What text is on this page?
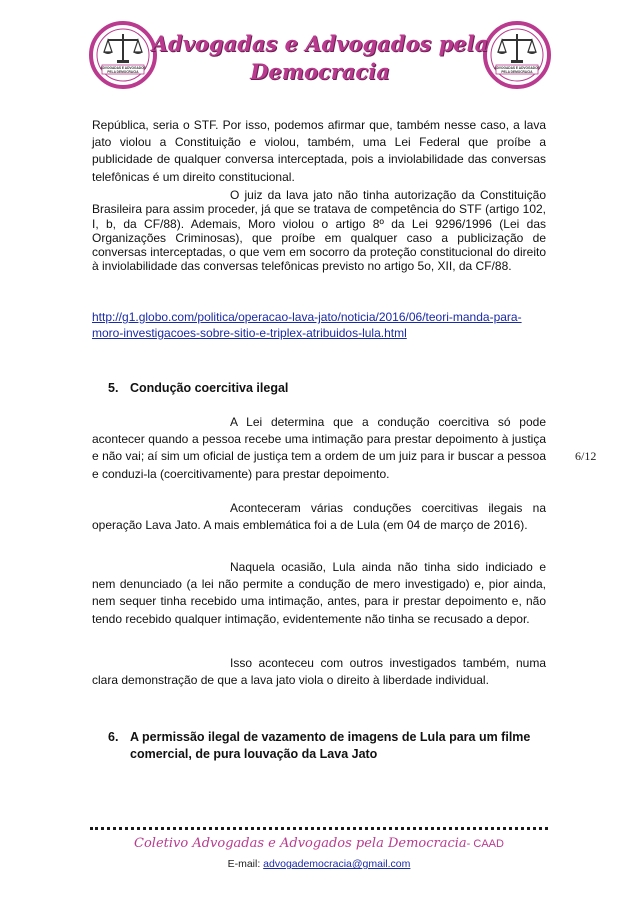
ADVOGADAS E ADVOGADOS
PELA DEMOCRACIA
ADVOGADAS E ADVOGADOS
PELA DEMOCRACIA
Advogadas e Advogados pela
Democracia
6/12

República, seria o STF. Por isso, podemos afirmar que, também nesse caso, a lava jato violou a Constituição e violou, também, uma Lei Federal que proíbe a publicidade de qualquer conversa interceptada, pois a inviolabilidade das conversas telefônicas é um direito constitucional.

O juiz da lava jato não tinha autorização da Constituição Brasileira para assim proceder, já que se tratava de competência do STF (artigo 102, I, b, da CF/88). Ademais, Moro violou o artigo 8º da Lei 9296/1996 (Lei das Organizações Criminosas), que proíbe em qualquer caso a publicização de conversas interceptadas, o que vem em socorro da proteção constitucional do direito à inviolabilidade das conversas telefônicas previsto no artigo 5o, XII, da CF/88.

http://g1.globo.com/politica/operacao-lava-jato/noticia/2016/06/teori-manda-para-moro-investigacoes-sobre-sitio-e-triplex-atribuidos-lula.html

5. Condução coercitiva ilegal

A Lei determina que a condução coercitiva só pode acontecer quando a pessoa recebe uma intimação para prestar depoimento à justiça e não vai; aí sim um oficial de justiça tem a ordem de um juiz para ir buscar a pessoa e conduzi-la (coercitivamente) para prestar depoimento.

Aconteceram várias conduções coercitivas ilegais na operação Lava Jato. A mais emblemática foi a de Lula (em 04 de março de 2016).

Naquela ocasião, Lula ainda não tinha sido indiciado e nem denunciado (a lei não permite a condução de mero investigado) e, pior ainda, nem sequer tinha recebido uma intimação, antes, para ir prestar depoimento e, não tendo recebido qualquer intimação, evidentemente não tinha se recusado a depor.

Isso aconteceu com outros investigados também, numa clara demonstração de que a lava jato viola o direito à liberdade individual.

6. A permissão ilegal de vazamento de imagens de Lula para um filme
comercial, de pura louvação da Lava Jato
Coletivo Advogadas e Advogados pela Democracia- CAAD
E-mail: advogademocracia@gmail.com
